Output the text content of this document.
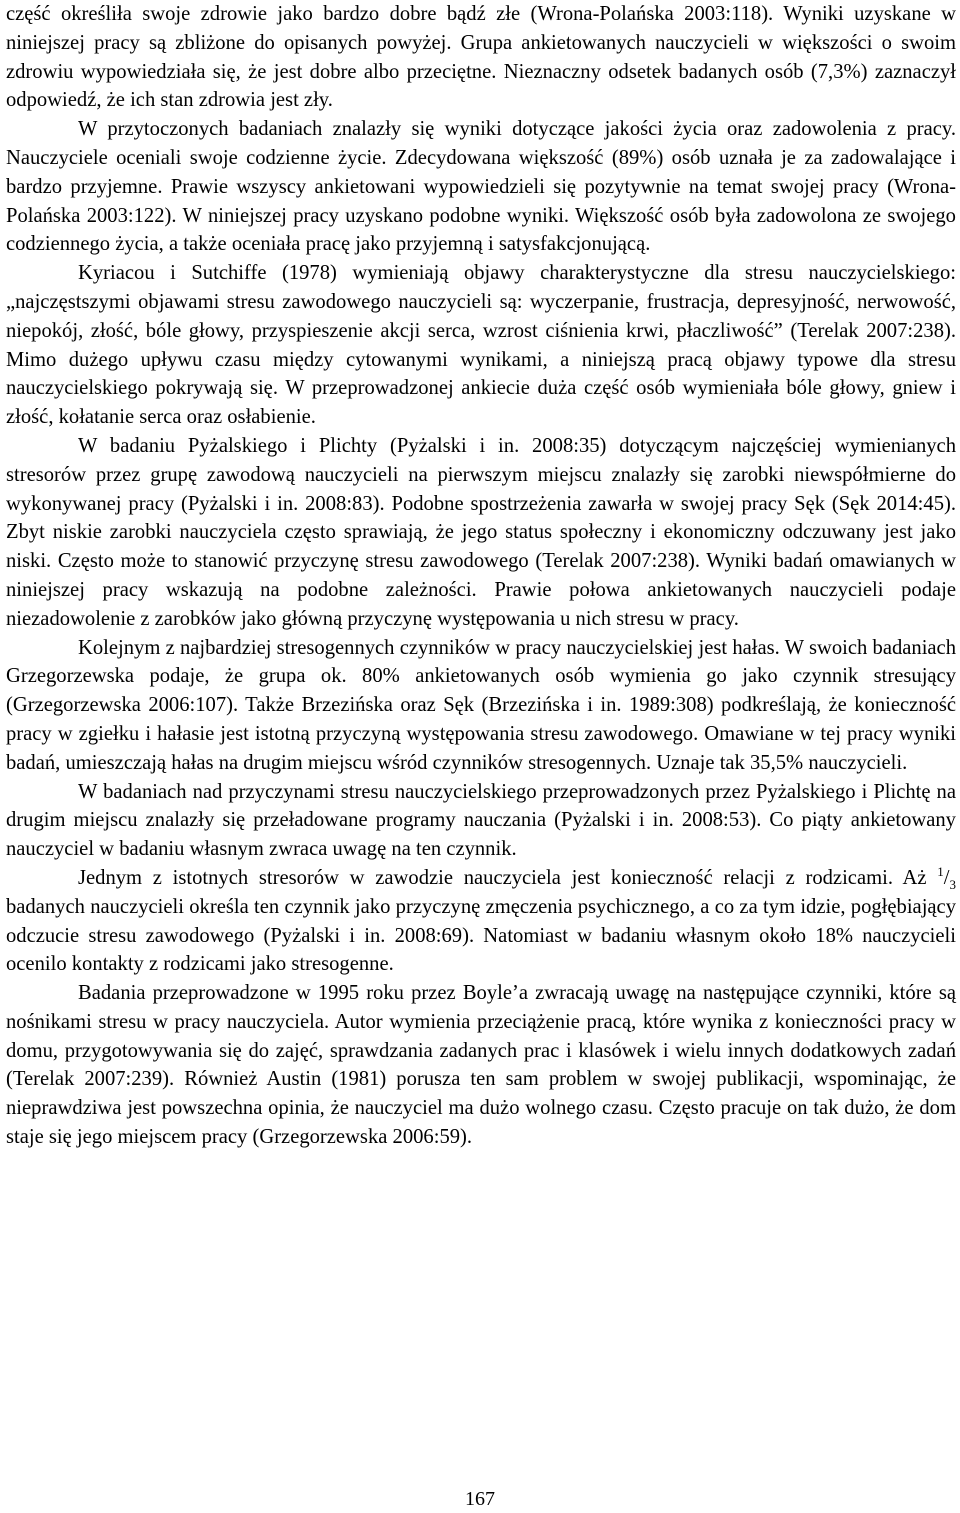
część określiła swoje zdrowie jako bardzo dobre bądź złe (Wrona-Polańska 2003:118). Wyniki uzyskane w niniejszej pracy są zbliżone do opisanych powyżej. Grupa ankietowanych nauczycieli w większości o swoim zdrowiu wypowiedziała się, że jest dobre albo przeciętne. Nieznaczny odsetek badanych osób (7,3%) zaznaczył odpowiedź, że ich stan zdrowia jest zły.

W przytoczonych badaniach znalazły się wyniki dotyczące jakości życia oraz zadowolenia z pracy. Nauczyciele oceniali swoje codzienne życie. Zdecydowana większość (89%) osób uznała je za zadowalające i bardzo przyjemne. Prawie wszyscy ankietowani wypowiedzieli się pozytywnie na temat swojej pracy (Wrona-Polańska 2003:122). W niniejszej pracy uzyskano podobne wyniki. Większość osób była zadowolona ze swojego codziennego życia, a także oceniała pracę jako przyjemną i satysfakcjonującą.

Kyriacou i Sutchiffe (1978) wymieniają objawy charakterystyczne dla stresu nauczycielskiego: „najczęstszymi objawami stresu zawodowego nauczycieli są: wyczerpanie, frustracja, depresyjność, nerwowość, niepokój, złość, bóle głowy, przyspieszenie akcji serca, wzrost ciśnienia krwi, płaczliwość” (Terelak 2007:238). Mimo dużego upływu czasu między cytowanymi wynikami, a niniejszą pracą objawy typowe dla stresu nauczycielskiego pokrywają się. W przeprowadzonej ankiecie duża część osób wymieniała bóle głowy, gniew i złość, kołatanie serca oraz osłabienie.

W badaniu Pyżalskiego i Plichty (Pyżalski i in. 2008:35) dotyczącym najczęściej wymienianych stresorów przez grupę zawodową nauczycieli na pierwszym miejscu znalazły się zarobki niewspółmierne do wykonywanej pracy (Pyżalski i in. 2008:83). Podobne spostrzeżenia zawarła w swojej pracy Sęk (Sęk 2014:45). Zbyt niskie zarobki nauczyciela często sprawiają, że jego status społeczny i ekonomiczny odczuwany jest jako niski. Często może to stanowić przyczynę stresu zawodowego (Terelak 2007:238). Wyniki badań omawianych w niniejszej pracy wskazują na podobne zależności. Prawie połowa ankietowanych nauczycieli podaje niezadowolenie z zarobków jako główną przyczynę występowania u nich stresu w pracy.

Kolejnym z najbardziej stresogennych czynników w pracy nauczycielskiej jest hałas. W swoich badaniach Grzegorzewska podaje, że grupa ok. 80% ankietowanych osób wymienia go jako czynnik stresujący (Grzegorzewska 2006:107). Także Brzezińska oraz Sęk (Brzezińska i in. 1989:308) podkreślają, że konieczność pracy w zgiełku i hałasie jest istotną przyczyną występowania stresu zawodowego. Omawiane w tej pracy wyniki badań, umieszczają hałas na drugim miejscu wśród czynników stresogennych. Uznaje tak 35,5% nauczycieli.

W badaniach nad przyczynami stresu nauczycielskiego przeprowadzonych przez Pyżalskiego i Plichtę na drugim miejscu znalazły się przeładowane programy nauczania (Pyżalski i in. 2008:53). Co piąty ankietowany nauczyciel w badaniu własnym zwraca uwagę na ten czynnik.

Jednym z istotnych stresorów w zawodzie nauczyciela jest konieczność relacji z rodzicami. Aż $^1/_3$ badanych nauczycieli określa ten czynnik jako przyczynę zmęczenia psychicznego, a co za tym idzie, pogłębiający odczucie stresu zawodowego (Pyżalski i in. 2008:69). Natomiast w badaniu własnym około 18% nauczycieli ocenilo kontakty z rodzicami jako stresogenne.

Badania przeprowadzone w 1995 roku przez Boyle’a zwracają uwagę na następujące czynniki, które są nośnikami stresu w pracy nauczyciela. Autor wymienia przeciążenie pracą, które wynika z konieczności pracy w domu, przygotowywania się do zajęć, sprawdzania zadanych prac i klasówek i wielu innych dodatkowych zadań (Terelak 2007:239). Również Austin (1981) porusza ten sam problem w swojej publikacji, wspominając, że nieprawdziwa jest powszechna opinia, że nauczyciel ma dużo wolnego czasu. Często pracuje on tak dużo, że dom staje się jego miejscem pracy (Grzegorzewska 2006:59).

167
